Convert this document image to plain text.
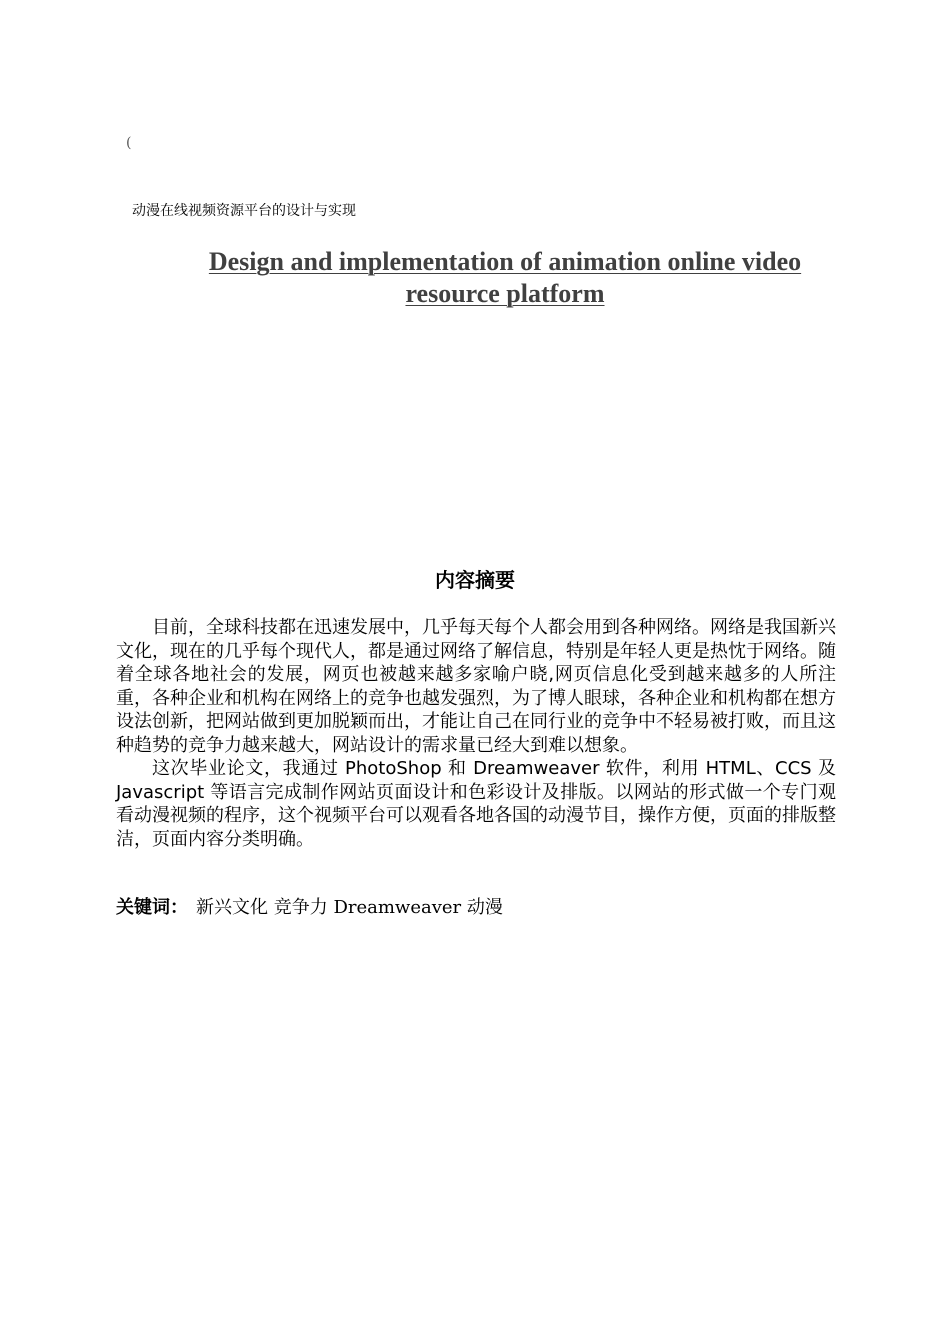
(
动漫在线视频资源平台的设计与实现
Design and implementation of animation online video resource platform
内容摘要

目前，全球科技都在迅速发展中，几乎每天每个人都会用到各种网络。网络是我国新兴文化，现在的几乎每个现代人，都是通过网络了解信息，特别是年轻人更是热忱于网络。随着全球各地社会的发展，网页也被越来越多家喻户晓,网页信息化受到越来越多的人所注重，各种企业和机构在网络上的竞争也越发强烈，为了博人眼球，各种企业和机构都在想方设法创新，把网站做到更加脱颖而出，才能让自己在同行业的竞争中不轻易被打败，而且这种趋势的竞争力越来越大，网站设计的需求量已经大到难以想象。

这次毕业论文，我通过 PhotoShop 和 Dreamweaver 软件，利用 HTML、CCS 及 Javascript 等语言完成制作网站页面设计和色彩设计及排版。以网站的形式做一个专门观看动漫视频的程序，这个视频平台可以观看各地各国的动漫节目，操作方便，页面的排版整洁，页面内容分类明确。

关键词： 新兴文化 竞争力 Dreamweaver 动漫
